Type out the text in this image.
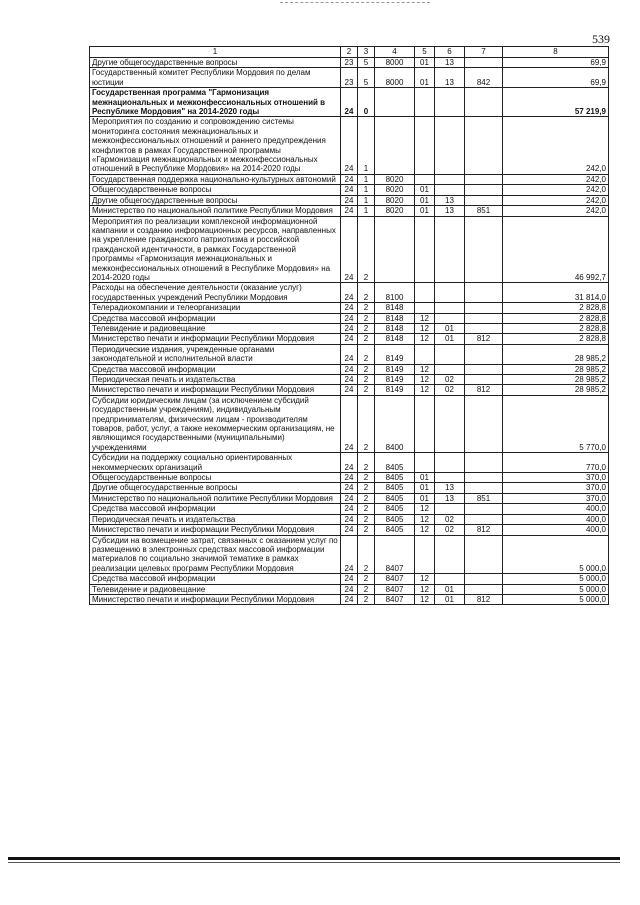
539
1	2	3	4	5	6	7	8
Другие общегосударственные вопросы	23	5	8000	01	13		69,9
Государственный комитет Республики Мордовия по делам юстиции	23	5	8000	01	13	842	69,9
Государственная программа "Гармонизация межнациональных и межконфессиональных отношений в Республике Мордовия" на 2014-2020 годы	24	0					57 219,9
Мероприятия по созданию и сопровождению системы мониторинга состояния межнациональных и межконфессиональных отношений и раннего предупреждения конфликтов в рамках Государственной программы «Гармонизация межнациональных и межконфессиональных отношений в Республике Мордовия» на 2014-2020 годы	24	1					242,0
Государственная поддержка национально-культурных автономий	24	1	8020				242,0
Общегосударственные вопросы	24	1	8020	01			242,0
Другие общегосударственные вопросы	24	1	8020	01	13		242,0
Министерство по национальной политике Республики Мордовия	24	1	8020	01	13	851	242,0
Мероприятия по реализации комплексной информационной кампании и созданию информационных ресурсов, направленных на укрепление гражданского патриотизма и российской гражданской идентичности, в рамках Государственной программы «Гармонизация межнациональных и межконфессиональных отношений в Республике Мордовия» на 2014-2020 годы	24	2					46 992,7
Расходы на обеспечение деятельности (оказание услуг) государственных учреждений Республики Мордовия	24	2	8100				31 814,0
Телерадиокомпании и телеорганизации	24	2	8148				2 828,8
Средства массовой информации	24	2	8148	12			2 828,8
Телевидение и радиовещание	24	2	8148	12	01		2 828,8
Министерство печати и информации Республики Мордовия	24	2	8148	12	01	812	2 828,8
Периодические издания, учрежденные органами законодательной и исполнительной власти	24	2	8149				28 985,2
Средства массовой информации	24	2	8149	12			28 985,2
Периодическая печать и издательства	24	2	8149	12	02		28 985,2
Министерство печати и информации Республики Мордовия	24	2	8149	12	02	812	28 985,2
Субсидии юридическим лицам (за исключением субсидий государственным учреждениям), индивидуальным предпринимателям, физическим лицам - производителям товаров, работ, услуг, а также некоммерческим организациям, не являющимся государственными (муниципальными) учреждениями	24	2	8400				5 770,0
Субсидии на поддержку социально ориентированных некоммерческих организаций	24	2	8405				770,0
Общегосударственные вопросы	24	2	8405	01			370,0
Другие общегосударственные вопросы	24	2	8405	01	13		370,0
Министерство по национальной политике Республики Мордовия	24	2	8405	01	13	851	370,0
Средства массовой информации	24	2	8405	12			400,0
Периодическая печать и издательства	24	2	8405	12	02		400,0
Министерство печати и информации Республики Мордовия	24	2	8405	12	02	812	400,0
Субсидии на возмещение затрат, связанных с оказанием услуг по размещению в электронных средствах массовой информации материалов по социально значимой тематике в рамках реализации целевых программ Республики Мордовия	24	2	8407				5 000,0
Средства массовой информации	24	2	8407	12			5 000,0
Телевидение и радиовещание	24	2	8407	12	01		5 000,0
Министерство печати и информации Республики Мордовия	24	2	8407	12	01	812	5 000,0
